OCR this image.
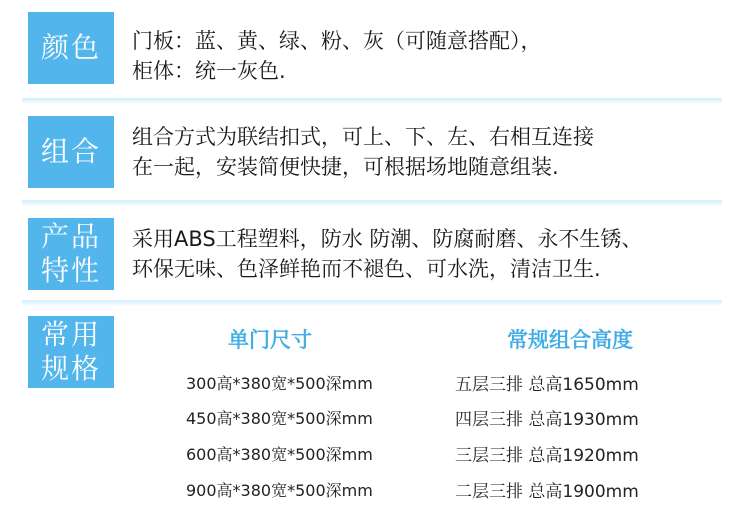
颜色 门板：蓝、黄、绿、粉、灰（可随意搭配），
柜体：统一灰色.
组合 组合方式为联结扣式，可上、下、左、右相互连接
在一起，安装简便快捷，可根据场地随意组装.
产品
特性
采用ABS工程塑料，防水 防潮、防腐耐磨、永不生锈、
环保无味、色泽鲜艳而不褪色、可水洗，清洁卫生.
常用
规格
单门尺寸	常规组合高度
300高*380宽*500深mm
450高*380宽*500深mm
600高*380宽*500深mm
900高*380宽*500深mm
五层三排 总高1650mm
四层三排 总高1930mm
三层三排 总高1920mm
二层三排 总高1900mm
